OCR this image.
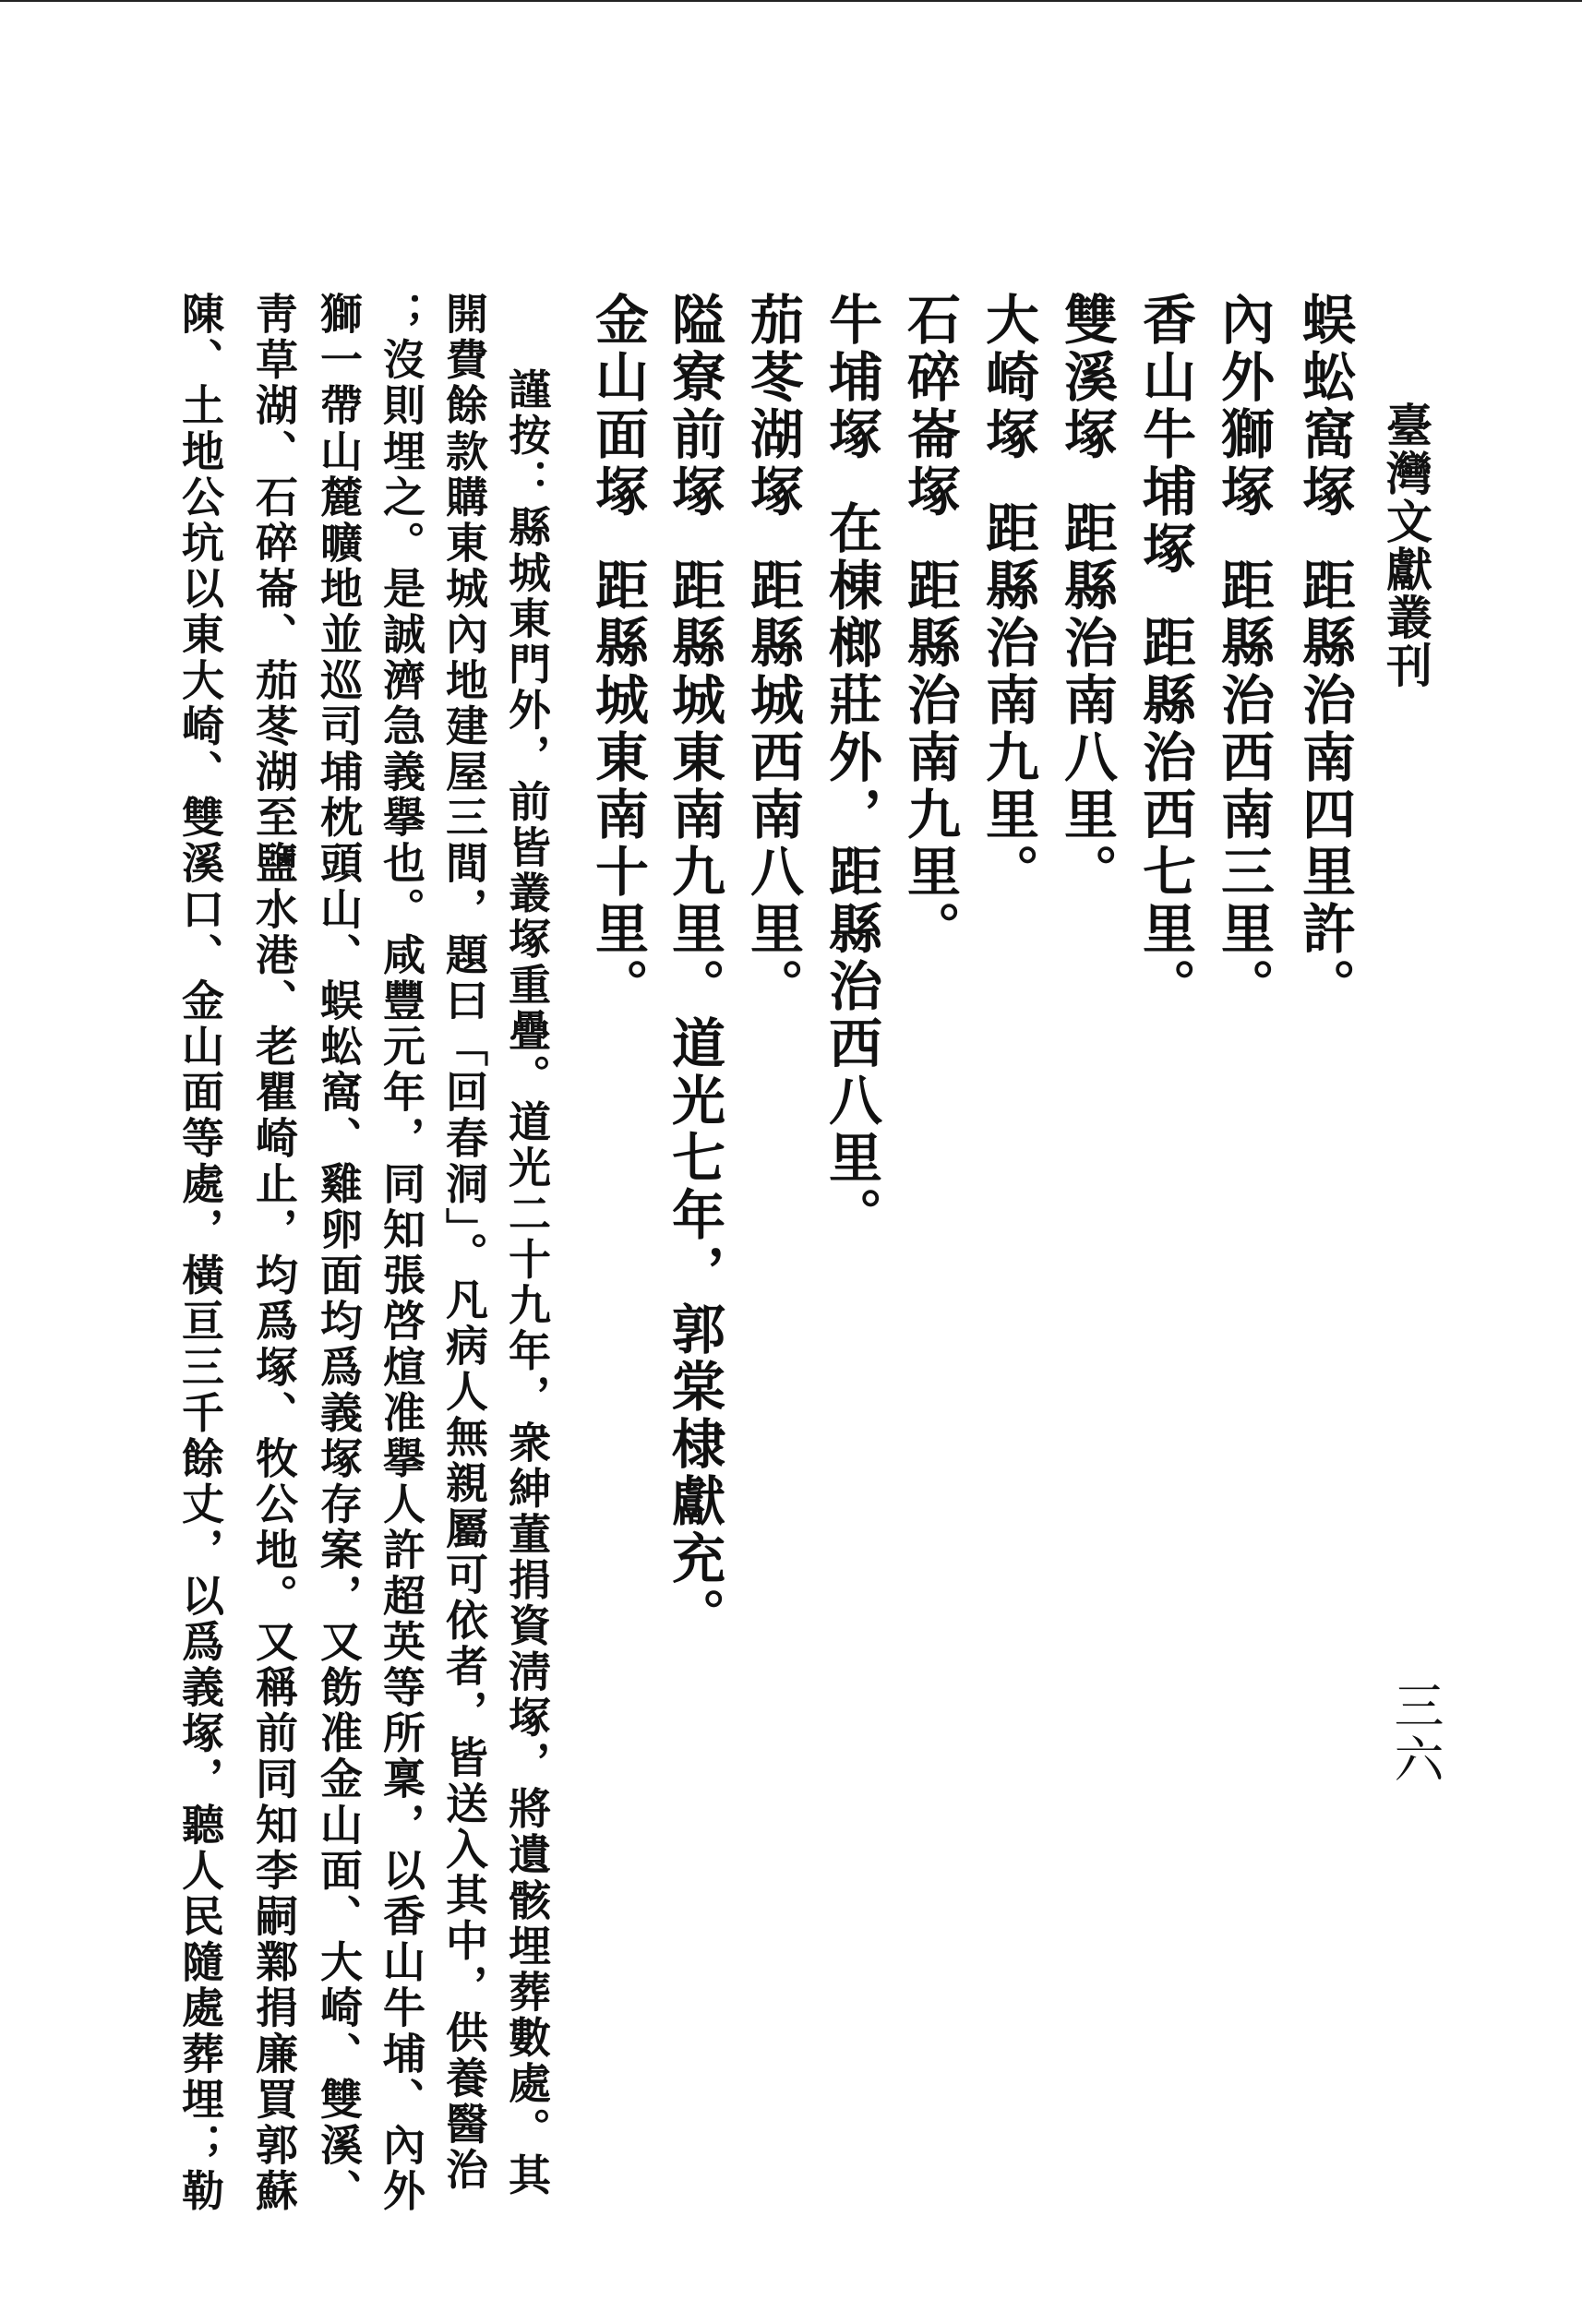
臺灣文獻叢刊
三六
蜈蚣窩塚距縣治南四里許。
內外獅塚距縣治西南三里。
香山牛埔塚距縣治西七里。
雙溪塚距縣治南八里。
大崎塚距縣治南九里。
石碎崙塚距縣治南九里。
牛埔塚在棟榔莊外，距縣治西八里。
茄苳湖塚距縣城西南八里。
隘寮前塚距縣城東南九里。道光七年，郭棠棣獻充。
金山面塚距縣城東南十里。
謹按：縣城東門外，前皆叢塚重疊。道光二十九年，衆紳董捐資淸塚，將遺骸埋葬數處。其
開費餘款購東城內地建屋三間，題曰「回春洞」。凡病人無親屬可依者，皆送入其中，供養醫治
；沒則埋之。是誠濟急義擧也。咸豐元年，同知張啓煊准擧人許超英等所稟，以香山牛埔、內外
獅一帶山麓曠地並巡司埔枕頭山、蜈蚣窩、雞卵面均爲義塚存案，又飭准金山面、大崎、雙溪、
靑草湖、石碎崙、茄苳湖至鹽水港、老瞿崎止，均爲塚、牧公地。又稱前同知李嗣鄴捐廉買郭蘇
陳、土地公坑以東大崎、雙溪口、金山面等處，橫亘三千餘丈，以爲義塚，聽人民隨處葬埋；勒
